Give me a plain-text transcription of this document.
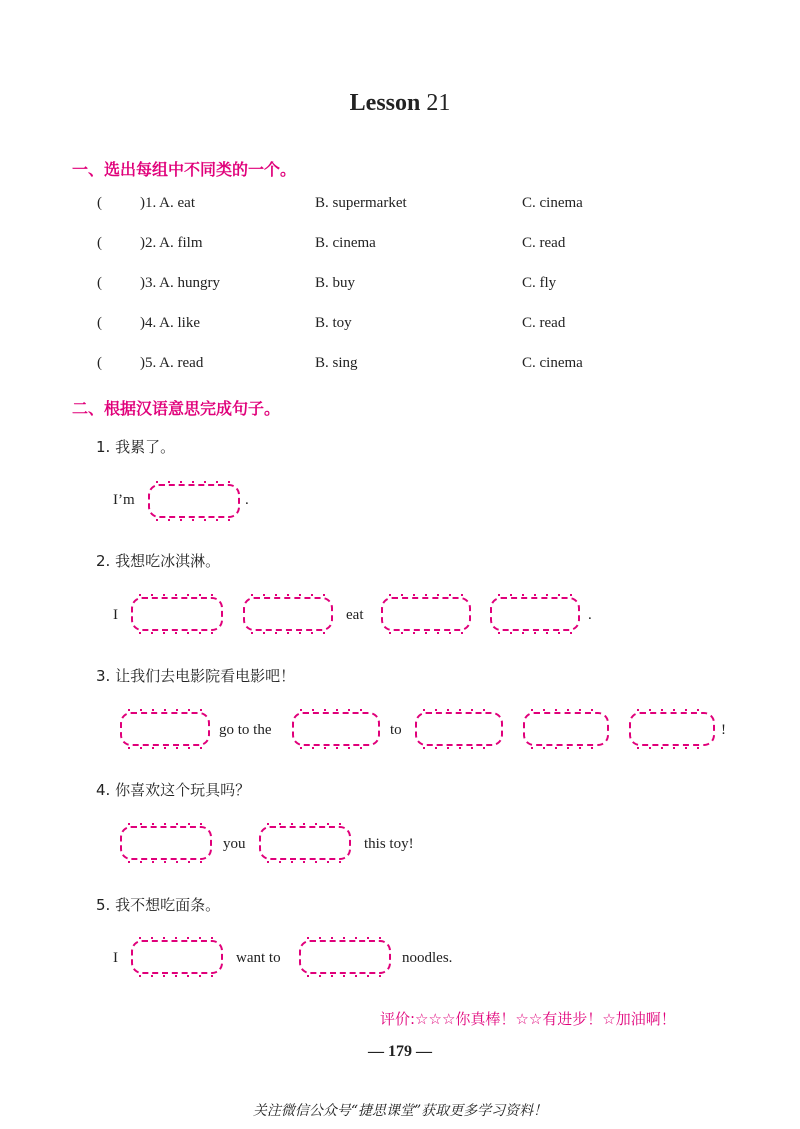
Lesson 21
一、选出每组中不同类的一个。
(	) 1. A. eat	B. supermarket	C. cinema
(	) 2. A. film	B. cinema	C. read
(	) 3. A. hungry	B. buy	C. fly
(	) 4. A. like	B. toy	C. read
(	) 5. A. read	B. sing	C. cinema
二、根据汉语意思完成句子。
1. 我累了。
I’m	.
2. 我想吃冰淇淋。
I	eat	.
3. 让我们去电影院看电影吧！
go to the	to	!
4. 你喜欢这个玩具吗？
you	this toy!
5. 我不想吃面条。
I	want to	noodles.
评价:☆☆☆你真棒！☆☆有进步！☆加油啊！
— 179 —
关注微信公众号“捷思课堂”获取更多学习资料！
